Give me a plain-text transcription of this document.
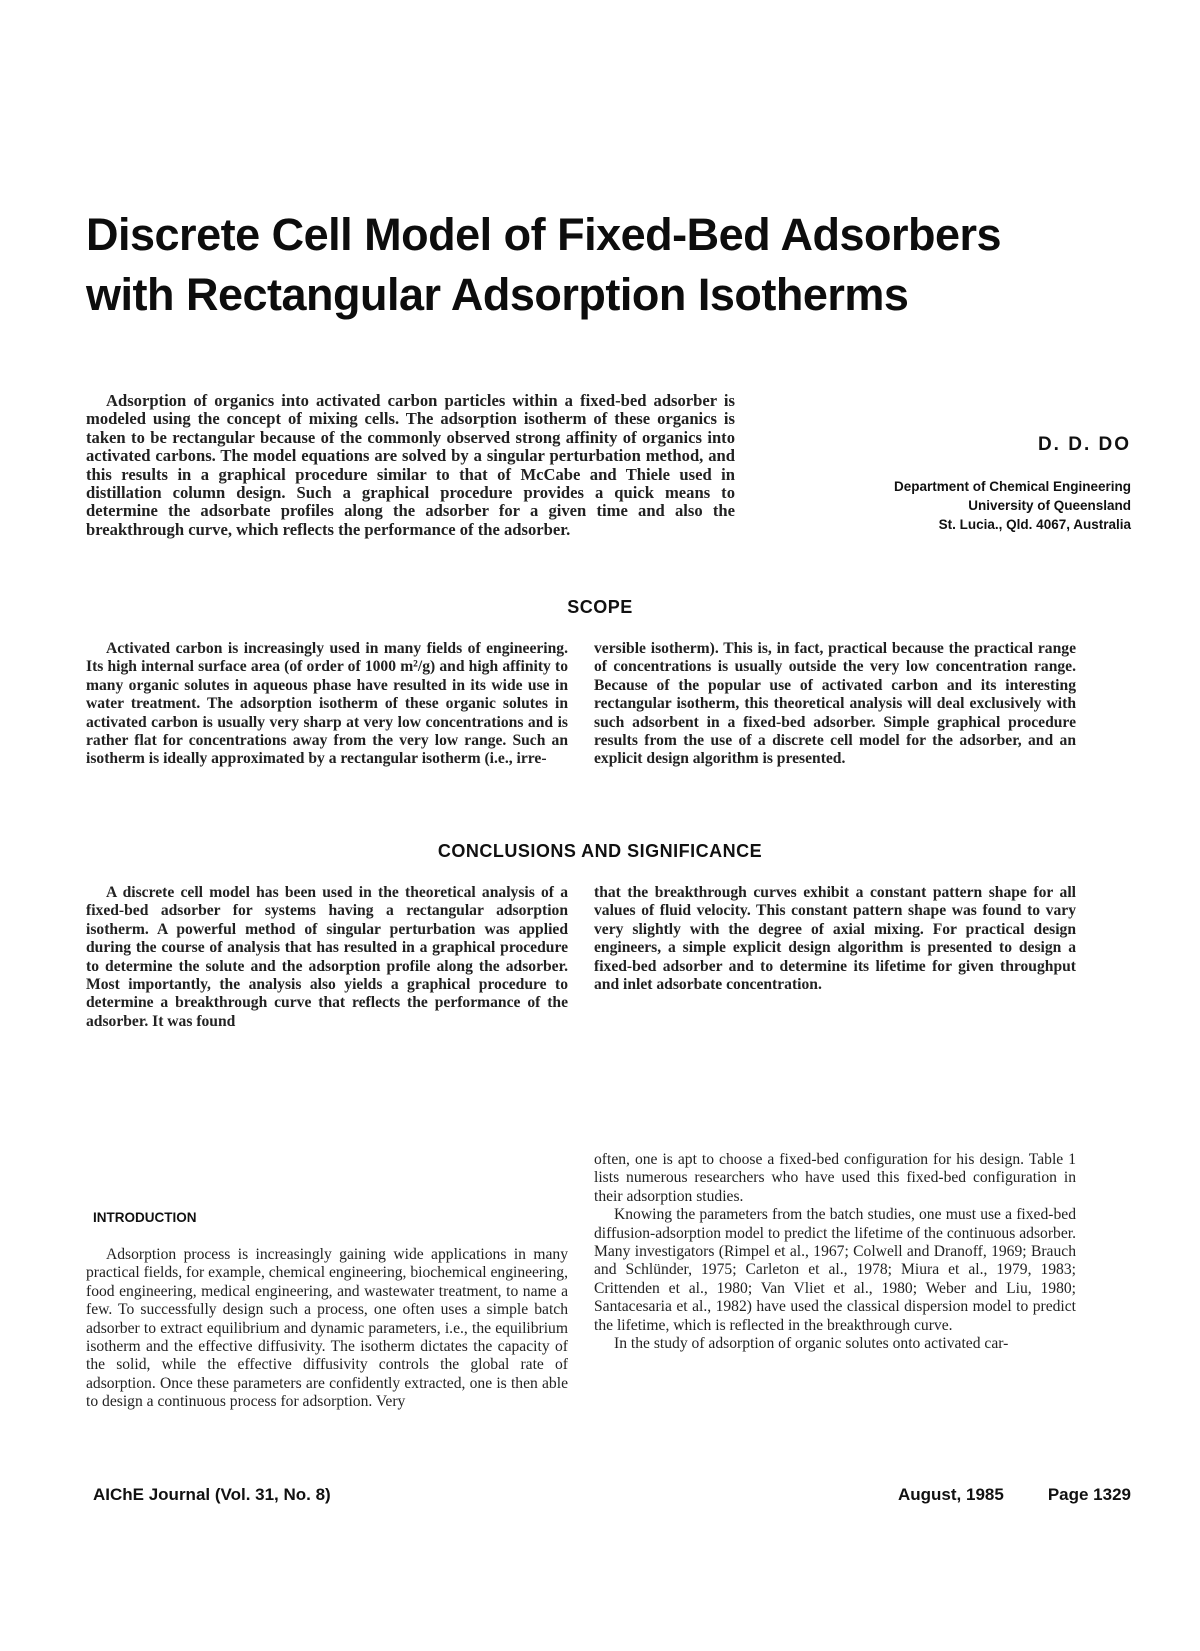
Discrete Cell Model of Fixed-Bed Adsorbers with Rectangular Adsorption Isotherms

Adsorption of organics into activated carbon particles within a fixed-bed adsorber is modeled using the concept of mixing cells. The adsorption isotherm of these organics is taken to be rectangular because of the commonly observed strong affinity of organics into activated carbons. The model equations are solved by a singular perturbation method, and this results in a graphical procedure similar to that of McCabe and Thiele used in distillation column design. Such a graphical procedure provides a quick means to determine the adsorbate profiles along the adsorber for a given time and also the breakthrough curve, which reflects the performance of the adsorber.

D. D. DO
Department of Chemical Engineering
University of Queensland
St. Lucia., Qld. 4067, Australia
SCOPE

Activated carbon is increasingly used in many fields of engineering. Its high internal surface area (of order of 1000 m²/g) and high affinity to many organic solutes in aqueous phase have resulted in its wide use in water treatment. The adsorption isotherm of these organic solutes in activated carbon is usually very sharp at very low concentrations and is rather flat for concentrations away from the very low range. Such an isotherm is ideally approximated by a rectangular isotherm (i.e., irre-

versible isotherm). This is, in fact, practical because the practical range of concentrations is usually outside the very low concentration range. Because of the popular use of activated carbon and its interesting rectangular isotherm, this theoretical analysis will deal exclusively with such adsorbent in a fixed-bed adsorber. Simple graphical procedure results from the use of a discrete cell model for the adsorber, and an explicit design algorithm is presented.

CONCLUSIONS AND SIGNIFICANCE

A discrete cell model has been used in the theoretical analysis of a fixed-bed adsorber for systems having a rectangular adsorption isotherm. A powerful method of singular perturbation was applied during the course of analysis that has resulted in a graphical procedure to determine the solute and the adsorption profile along the adsorber. Most importantly, the analysis also yields a graphical procedure to determine a breakthrough curve that reflects the performance of the adsorber. It was found

that the breakthrough curves exhibit a constant pattern shape for all values of fluid velocity. This constant pattern shape was found to vary very slightly with the degree of axial mixing. For practical design engineers, a simple explicit design algorithm is presented to design a fixed-bed adsorber and to determine its lifetime for given throughput and inlet adsorbate concentration.

INTRODUCTION

Adsorption process is increasingly gaining wide applications in many practical fields, for example, chemical engineering, biochemical engineering, food engineering, medical engineering, and wastewater treatment, to name a few. To successfully design such a process, one often uses a simple batch adsorber to extract equilibrium and dynamic parameters, i.e., the equilibrium isotherm and the effective diffusivity. The isotherm dictates the capacity of the solid, while the effective diffusivity controls the global rate of adsorption. Once these parameters are confidently extracted, one is then able to design a continuous process for adsorption. Very

often, one is apt to choose a fixed-bed configuration for his design. Table 1 lists numerous researchers who have used this fixed-bed configuration in their adsorption studies.
Knowing the parameters from the batch studies, one must use a fixed-bed diffusion-adsorption model to predict the lifetime of the continuous adsorber. Many investigators (Rimpel et al., 1967; Colwell and Dranoff, 1969; Brauch and Schlünder, 1975; Carleton et al., 1978; Miura et al., 1979, 1983; Crittenden et al., 1980; Van Vliet et al., 1980; Weber and Liu, 1980; Santacesaria et al., 1982) have used the classical dispersion model to predict the lifetime, which is reflected in the breakthrough curve.
In the study of adsorption of organic solutes onto activated car-
AIChE Journal (Vol. 31, No. 8)	August, 1985	Page 1329
